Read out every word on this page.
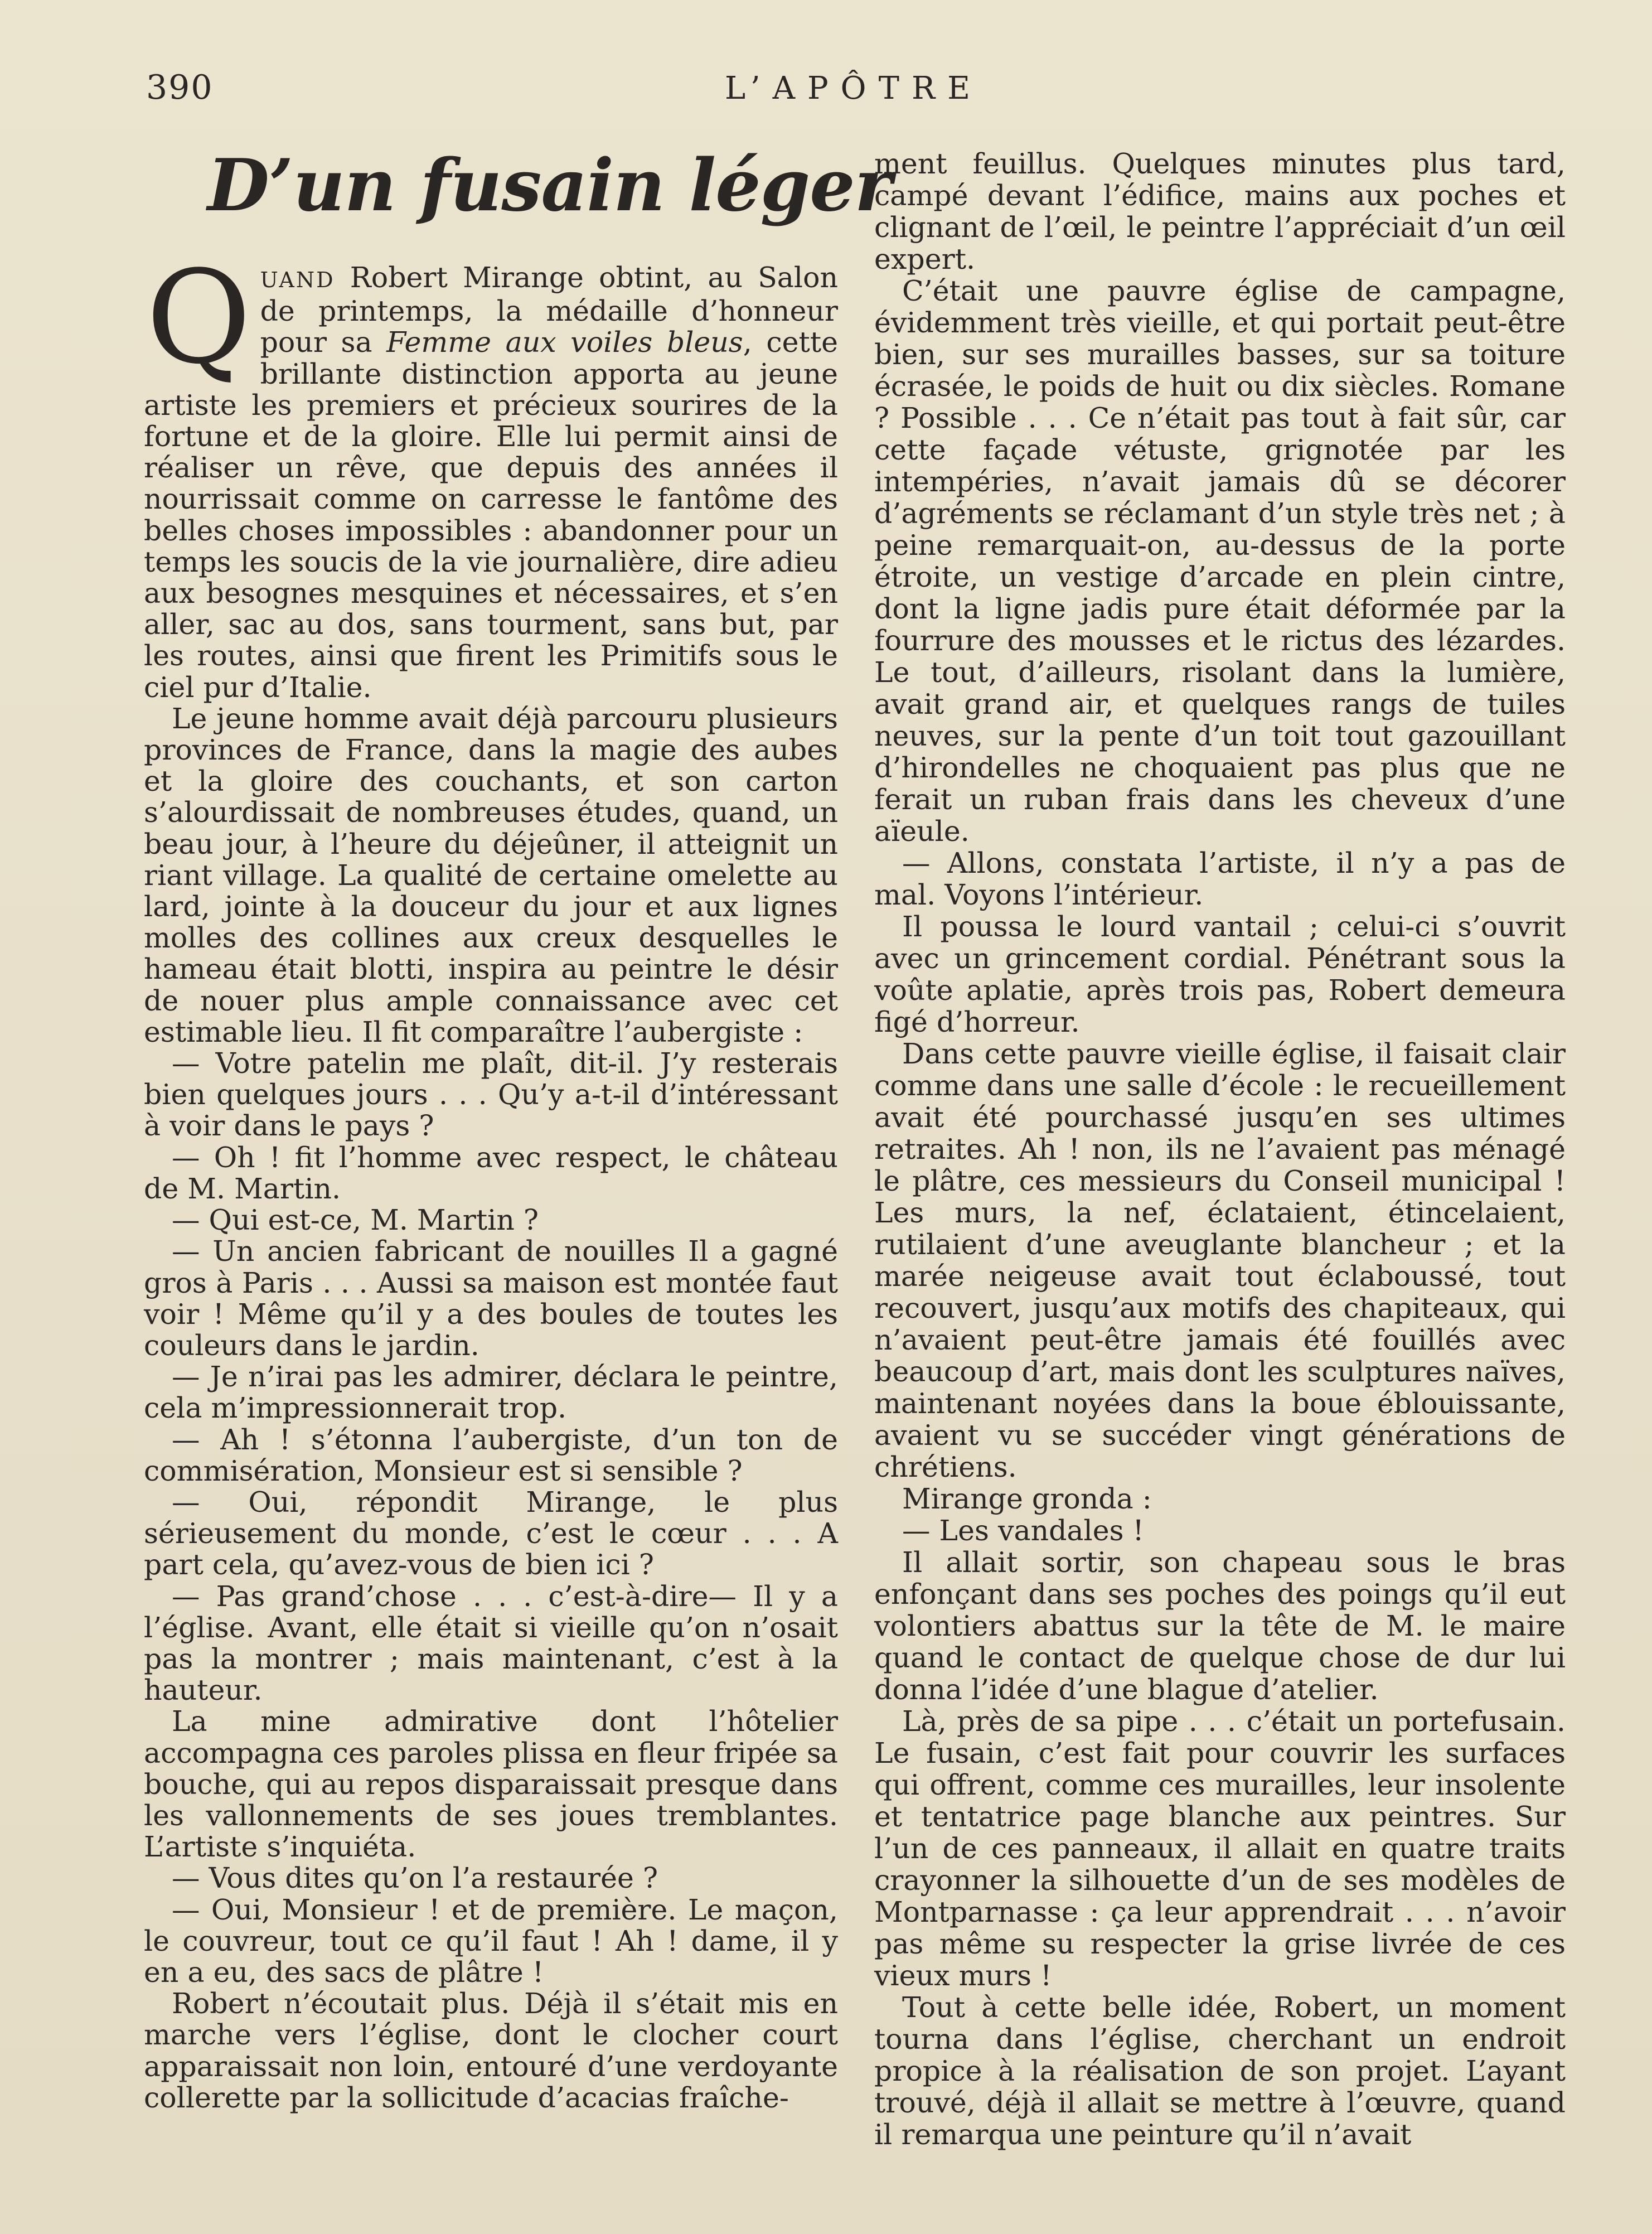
390	L’APÔTRE
D’un fusain léger
QUAND Robert Mirange obtint, au Salon de printemps, la médaille d’honneur pour sa Femme aux voiles bleus, cette brillante distinction apporta au jeune artiste les premiers et précieux sourires de la fortune et de la gloire. Elle lui permit ainsi de réaliser un rêve, que depuis des années il nourrissait comme on carresse le fantôme des belles choses impossibles : abandonner pour un temps les soucis de la vie journalière, dire adieu aux besognes mesquines et nécessaires, et s’en aller, sac au dos, sans tourment, sans but, par les routes, ainsi que firent les Primitifs sous le ciel pur d’Italie.

Le jeune homme avait déjà parcouru plusieurs provinces de France, dans la magie des aubes et la gloire des couchants, et son carton s’alourdissait de nombreuses études, quand, un beau jour, à l’heure du déjeûner, il atteignit un riant village. La qualité de certaine omelette au lard, jointe à la douceur du jour et aux lignes molles des collines aux creux desquelles le hameau était blotti, inspira au peintre le désir de nouer plus ample connaissance avec cet estimable lieu. Il fit comparaître l’aubergiste :

— Votre patelin me plaît, dit-il. J’y resterais bien quelques jours . . . Qu’y a-t-il d’intéressant à voir dans le pays ?

— Oh ! fit l’homme avec respect, le château de M. Martin.

— Qui est-ce, M. Martin ?

— Un ancien fabricant de nouilles Il a gagné gros à Paris . . . Aussi sa maison est montée faut voir ! Même qu’il y a des boules de toutes les couleurs dans le jardin.

— Je n’irai pas les admirer, déclara le peintre, cela m’impressionnerait trop.

— Ah ! s’étonna l’aubergiste, d’un ton de commisération, Monsieur est si sensible ?

— Oui, répondit Mirange, le plus sérieusement du monde, c’est le cœur . . . A part cela, qu’avez-vous de bien ici ?

— Pas grand’chose . . . c’est-à-dire— Il y a l’église. Avant, elle était si vieille qu’on n’osait pas la montrer ; mais maintenant, c’est à la hauteur.

La mine admirative dont l’hôtelier accompagna ces paroles plissa en fleur fripée sa bouche, qui au repos disparaissait presque dans les vallonnements de ses joues tremblantes. L’artiste s’inquiéta.

— Vous dites qu’on l’a restaurée ?

— Oui, Monsieur ! et de première. Le maçon, le couvreur, tout ce qu’il faut ! Ah ! dame, il y en a eu, des sacs de plâtre !

Robert n’écoutait plus. Déjà il s’était mis en marche vers l’église, dont le clocher court apparaissait non loin, entouré d’une verdoyante collerette par la sollicitude d’acacias fraîche-

ment feuillus. Quelques minutes plus tard, campé devant l’édifice, mains aux poches et clignant de l’œil, le peintre l’appréciait d’un œil expert.

C’était une pauvre église de campagne, évidemment très vieille, et qui portait peut-être bien, sur ses murailles basses, sur sa toiture écrasée, le poids de huit ou dix siècles. Romane ? Possible . . . Ce n’était pas tout à fait sûr, car cette façade vétuste, grignotée par les intempéries, n’avait jamais dû se décorer d’agréments se réclamant d’un style très net ; à peine remarquait-on, au-dessus de la porte étroite, un vestige d’arcade en plein cintre, dont la ligne jadis pure était déformée par la fourrure des mousses et le rictus des lézardes. Le tout, d’ailleurs, risolant dans la lumière, avait grand air, et quelques rangs de tuiles neuves, sur la pente d’un toit tout gazouillant d’hirondelles ne choquaient pas plus que ne ferait un ruban frais dans les cheveux d’une aïeule.

— Allons, constata l’artiste, il n’y a pas de mal. Voyons l’intérieur.

Il poussa le lourd vantail ; celui-ci s’ouvrit avec un grincement cordial. Pénétrant sous la voûte aplatie, après trois pas, Robert demeura figé d’horreur.

Dans cette pauvre vieille église, il faisait clair comme dans une salle d’école : le recueillement avait été pourchassé jusqu’en ses ultimes retraites. Ah ! non, ils ne l’avaient pas ménagé le plâtre, ces messieurs du Conseil municipal ! Les murs, la nef, éclataient, étincelaient, rutilaient d’une aveuglante blancheur ; et la marée neigeuse avait tout éclaboussé, tout recouvert, jusqu’aux motifs des chapiteaux, qui n’avaient peut-être jamais été fouillés avec beaucoup d’art, mais dont les sculptures naïves, maintenant noyées dans la boue éblouissante, avaient vu se succéder vingt générations de chrétiens.

Mirange gronda :

— Les vandales !

Il allait sortir, son chapeau sous le bras enfonçant dans ses poches des poings qu’il eut volontiers abattus sur la tête de M. le maire quand le contact de quelque chose de dur lui donna l’idée d’une blague d’atelier.

Là, près de sa pipe . . . c’était un portefusain. Le fusain, c’est fait pour couvrir les surfaces qui offrent, comme ces murailles, leur insolente et tentatrice page blanche aux peintres. Sur l’un de ces panneaux, il allait en quatre traits crayonner la silhouette d’un de ses modèles de Montparnasse : ça leur apprendrait . . . n’avoir pas même su respecter la grise livrée de ces vieux murs !

Tout à cette belle idée, Robert, un moment tourna dans l’église, cherchant un endroit propice à la réalisation de son projet. L’ayant trouvé, déjà il allait se mettre à l’œuvre, quand il remarqua une peinture qu’il n’avait
